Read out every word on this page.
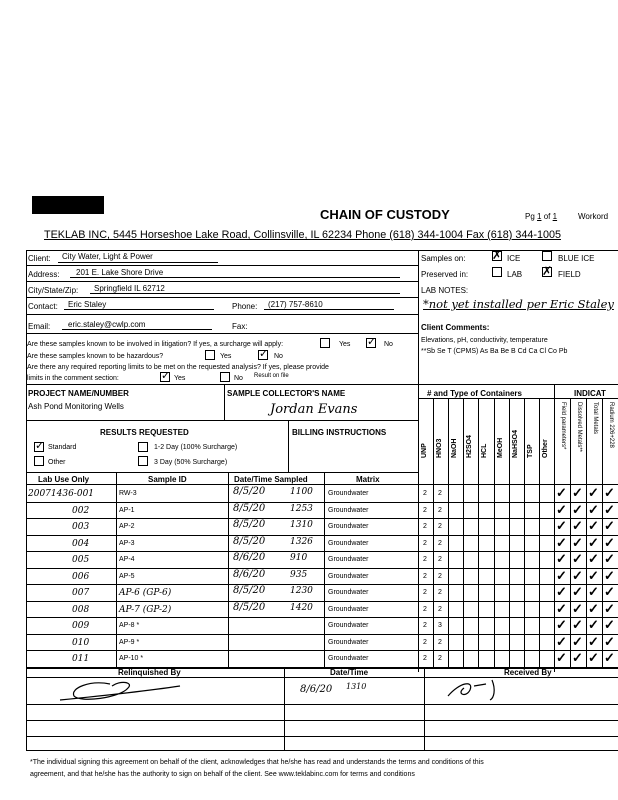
CHAIN OF CUSTODY	Pg 1 of 1	Workord
TEKLAB INC, 5445 Horseshoe Lake Road, Collinsville, IL 62234 Phone (618) 344-1004 Fax (618) 344-1005
Client: City Water, Light & Power
Address: 201 E. Lake Shore Drive
City/State/Zip: Springfield IL 62712
Contact: Eric Staley	Phone: (217) 757-8610
Email: eric.staley@cwlp.com	Fax:
Are these samples known to be involved in litigation? If yes, a surcharge will apply:	Yes ✓ No
Are these samples known to be hazardous?	Yes	✓ No
Are there any required reporting limits to be met on the requested analysis? If yes, please provide
limits in the comment section:	✓ Yes	No Result on file
Samples on: ✗ ICE	BLUE ICE
Preserved in:	LAB ✗ FIELD
LAB NOTES:
*not yet installed per Eric Staley
Client Comments:
Elevations, pH, conductivity, temperature
**Sb Se T (CPMS) As Ba Be B Cd Ca Cl Co Pb
PROJECT NAME/NUMBER
Ash Pond Monitoring Wells
SAMPLE COLLECTOR'S NAME
Jordan Evans
RESULTS REQUESTED	BILLING INSTRUCTIONS
✓ Standard	1-2 Day (100% Surcharge)
Other	3 Day (50% Surcharge)
# and Type of Containers	INDICAT
UNP HNO3 NaOH H2SO4 HCL MeOH NaHSO4 TSP Other Field parameters* Dissolved Metals** Total Metals Radium 226+228
Lab Use Only	Sample ID	Date/Time Sampled	Matrix
20071436-001	RW-3	8/5/20	1100 Groundwater	2 2	✓ ✓ ✓ ✓
002	AP-1	8/5/20	1253 Groundwater	2 2	✓ ✓ ✓ ✓
003	AP-2	8/5/20	1310 Groundwater	2 2	✓ ✓ ✓ ✓
004	AP-3	8/5/20	1326 Groundwater	2 2	✓ ✓ ✓ ✓
005	AP-4	8/6/20	910	Groundwater	2 2	✓ ✓ ✓ ✓
006	AP-5	8/6/20	935	Groundwater	2 2	✓ ✓ ✓ ✓
007	AP-6 (GP-6)	8/5/20	1230 Groundwater	2 2	✓ ✓ ✓ ✓
008	AP-7 (GP-2)	8/5/20	1420 Groundwater	2 2	✓ ✓ ✓ ✓
009	AP-8 *	Groundwater	2 3	✓ ✓ ✓ ✓
010	AP-9 *	Groundwater	2 2	✓ ✓ ✓ ✓
011	AP-10 *	Groundwater	2 2	✓ ✓ ✓ ✓
Relinquished By	Date/Time	Received By
8/6/20 1310
*The individual signing this agreement on behalf of the client, acknowledges that he/she has read and understands the terms and conditions of this
agreement, and that he/she has the authority to sign on behalf of the client. See www.teklabinc.com for terms and conditions
